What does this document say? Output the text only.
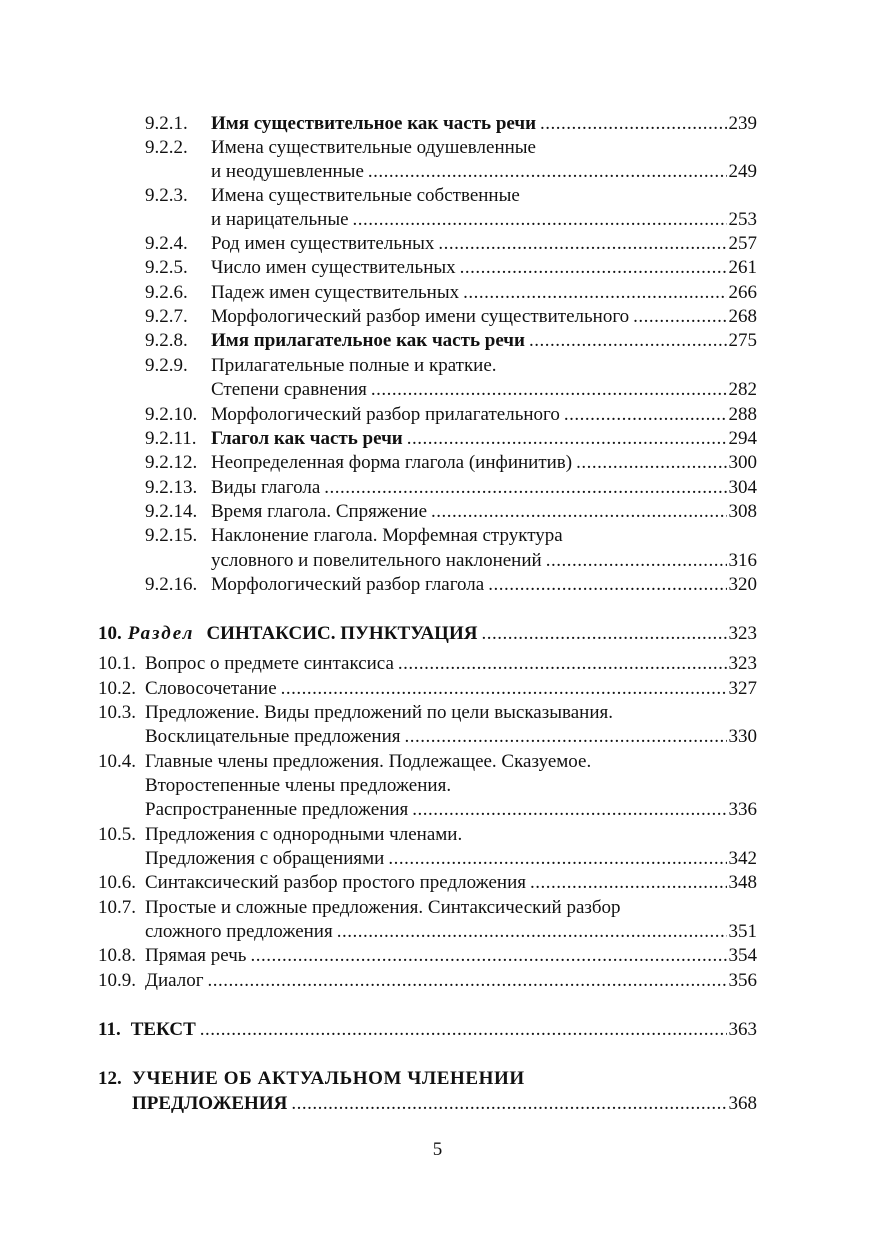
9.2.1. Имя существительное как часть речи .....	239
9.2.2. Имена существительные одушевленные
и неодушевленные .....	249
9.2.3. Имена существительные собственные
и нарицательные .....	253
9.2.4. Род имен существительных .....	257
9.2.5. Число имен существительных .....	261
9.2.6. Падеж имен существительных .....	266
9.2.7. Морфологический разбор имени существительного .....	268
9.2.8. Имя прилагательное как часть речи .....	275
9.2.9. Прилагательные полные и краткие.
Степени сравнения .....	282
9.2.10. Морфологический разбор прилагательного .....	288
9.2.11. Глагол как часть речи .....	294
9.2.12. Неопределенная форма глагола (инфинитив) .....	300
9.2.13. Виды глагола .....	304
9.2.14. Время глагола. Спряжение .....	308
9.2.15. Наклонение глагола. Морфемная структура
условного и повелительного наклонений .....	316
9.2.16. Морфологический разбор глагола .....	320
10. Раздел СИНТАКСИС. ПУНКТУАЦИЯ .....	323
10.1. Вопрос о предмете синтаксиса .....	323
10.2. Словосочетание .....	327
10.3. Предложение. Виды предложений по цели высказывания.
Восклицательные предложения .....	330
10.4. Главные члены предложения. Подлежащее. Сказуемое.
Второстепенные члены предложения.
Распространенные предложения .....	336
10.5. Предложения с однородными членами.
Предложения с обращениями .....	342
10.6. Синтаксический разбор простого предложения .....	348
10.7. Простые и сложные предложения. Синтаксический разбор
сложного предложения .....	351
10.8. Прямая речь .....	354
10.9. Диалог .....	356
11. ТЕКСТ .....	363
12. УЧЕНИЕ ОБ АКТУАЛЬНОМ ЧЛЕНЕНИИ
ПРЕДЛОЖЕНИЯ .....	368
5
